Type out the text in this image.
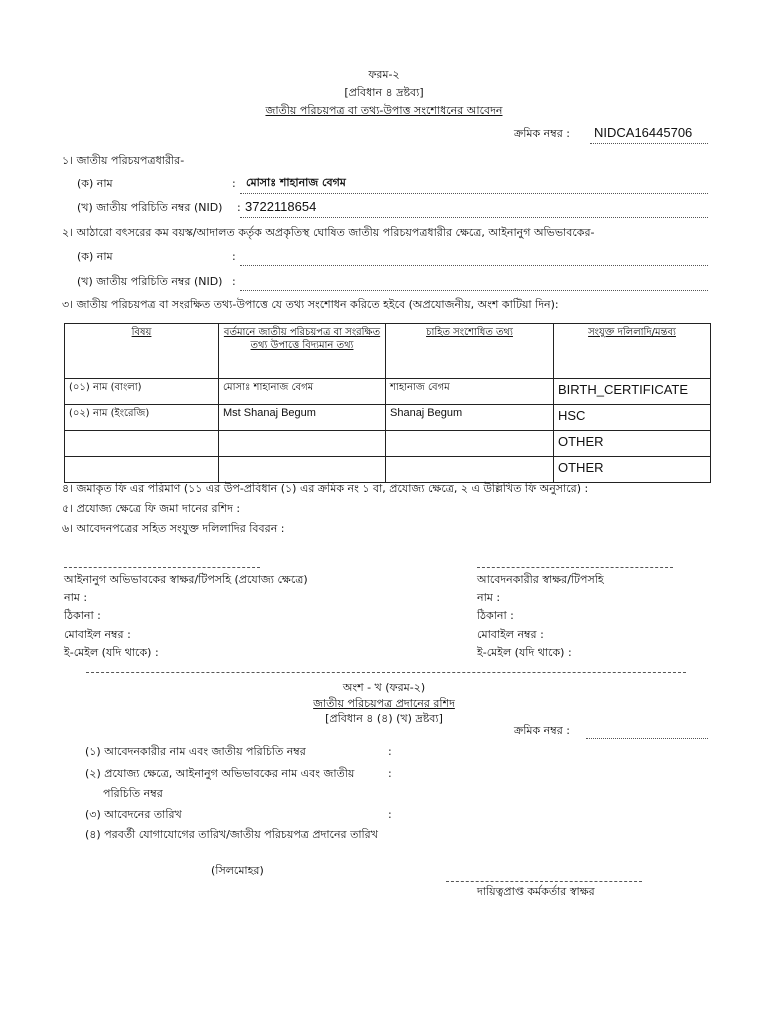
ফরম-২
[প্রবিধান ৪ দ্রষ্টব্য]
জাতীয় পরিচয়পত্র বা তথ্য-উপাত্ত সংশোধনের আবেদন
ক্রমিক নম্বর : NIDCA16445706
১। জাতীয় পরিচয়পত্রধারীর-
(ক) নাম	: মোসাঃ শাহানাজ বেগম
(খ) জাতীয় পরিচিতি নম্বর (NID) : 3722118654
২। আঠারো বৎসরের কম বয়স্ক/আদালত কর্তৃক অপ্রকৃতিস্থ ঘোষিত জাতীয় পরিচয়পত্রধারীর ক্ষেত্রে, আইনানুগ অভিভাবকের-
(ক) নাম	:
(খ) জাতীয় পরিচিতি নম্বর (NID) :
৩। জাতীয় পরিচয়পত্র বা সংরক্ষিত তথ্য-উপাত্তে যে তথ্য সংশোধন করিতে হইবে (অপ্রযোজনীয়, অংশ কাটিয়া দিন):
বিষয়	বর্তমানে জাতীয় পরিচয়পত্র বা সংরক্ষিত তথ্য উপাত্তে বিদ্যমান তথ্য	চাহিত সংশোধিত তথ্য	সংযুক্ত দলিলাদি/মন্তব্য
(০১) নাম (বাংলা)	মোসাঃ শাহানাজ বেগম	শাহানাজ বেগম	BIRTH_CERTIFICATE
(০২) নাম (ইংরেজি)	Mst Shanaj Begum	Shanaj Begum	HSC
			OTHER
			OTHER
৪। জমাকৃত ফি এর পরিমাণ (১১ এর উপ-প্রবিধান (১) এর ক্রমিক নং ১ বা, প্রযোজ্য ক্ষেত্রে, ২ এ উল্লিখিত ফি অনুসারে) :
৫। প্রযোজ্য ক্ষেত্রে ফি জমা দানের রশিদ :
৬। আবেদনপত্রের সহিত সংযুক্ত দলিলাদির বিবরন :
আইনানুগ অভিভাবকের স্বাক্ষর/টিপসহি (প্রযোজ্য ক্ষেত্রে)
নাম :
ঠিকানা :
মোবাইল নম্বর :
ই-মেইল (যদি থাকে) :
আবেদনকারীর স্বাক্ষর/টিপসহি
নাম :
ঠিকানা :
মোবাইল নম্বর :
ই-মেইল (যদি থাকে) :
অংশ - খ (ফরম-২)
জাতীয় পরিচয়পত্র প্রদানের রশিদ
[প্রবিধান ৪ (৪) (খ) দ্রষ্টব্য]
ক্রমিক নম্বর :
(১) আবেদনকারীর নাম এবং জাতীয় পরিচিতি নম্বর	:
(২) প্রযোজ্য ক্ষেত্রে, আইনানুগ অভিভাবকের নাম এবং জাতীয়	:
পরিচিতি নম্বর
(৩) আবেদনের তারিখ	:
(৪) পরবর্তী যোগাযোগের তারিখ/জাতীয় পরিচয়পত্র প্রদানের তারিখ
(সিলমোহর)
দায়িত্বপ্রাপ্ত কর্মকর্তার স্বাক্ষর
